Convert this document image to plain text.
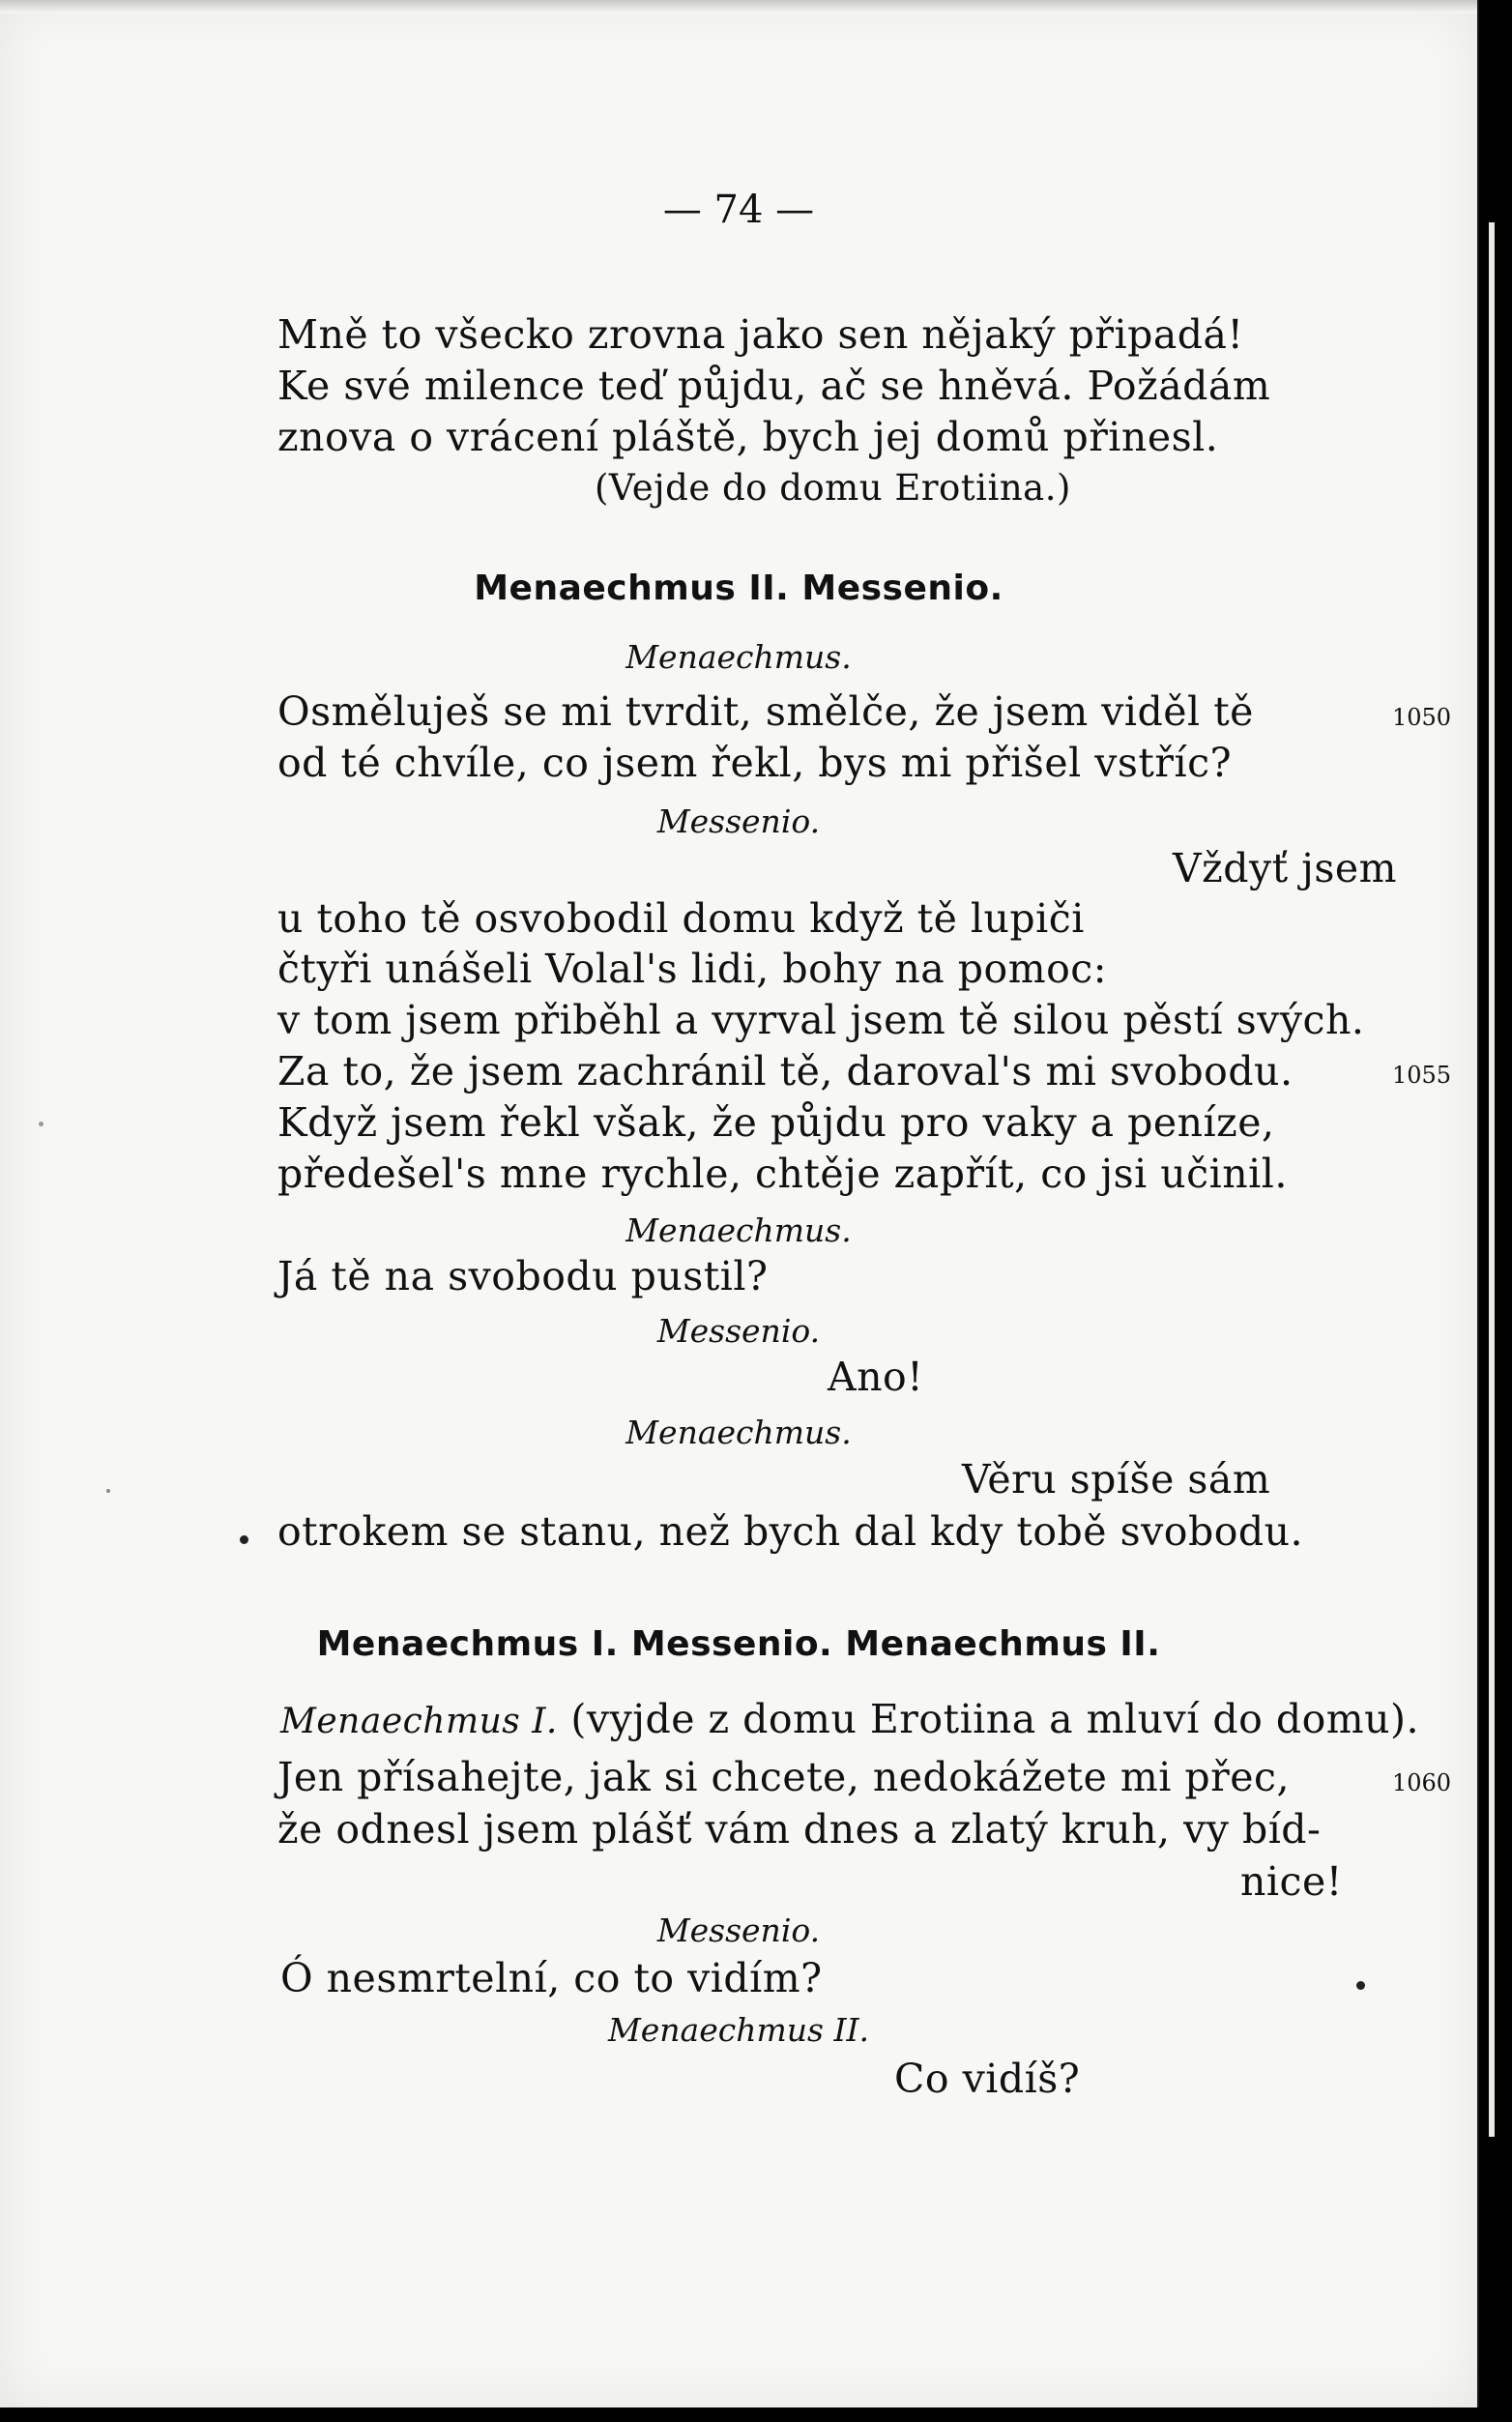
— 74 —
Mně to všecko zrovna jako sen nějaký připadá!
Ke své milence teď půjdu, ač se hněvá. Požádám
znova o vrácení pláště, bych jej domů přinesl.
(Vejde do domu Erotiina.)
Menaechmus II. Messenio.
Menaechmus.
Osměluješ se mi tvrdit, smělče, že jsem viděl tě	1050
od té chvíle, co jsem řekl, bys mi přišel vstříc?
Messenio.
Vždyť jsem
u toho tě osvobodil domu když tě lupiči
čtyři unášeli Volal's lidi, bohy na pomoc:
v tom jsem přiběhl a vyrval jsem tě silou pěstí svých.
Za to, že jsem zachránil tě, daroval's mi svobodu.	1055
Když jsem řekl však, že půjdu pro vaky a peníze,
předešel's mne rychle, chtěje zapřít, co jsi učinil.
Menaechmus.
Já tě na svobodu pustil?
Messenio.
Ano!
Menaechmus.
Věru spíše sám
otrokem se stanu, než bych dal kdy tobě svobodu.
Menaechmus I. Messenio. Menaechmus II.
Menaechmus I. (vyjde z domu Erotiina a mluví do domu).
Jen přísahejte, jak si chcete, nedokážete mi přec,	1060
že odnesl jsem plášť vám dnes a zlatý kruh, vy bíd-
nice!
Messenio.
Ó nesmrtelní, co to vidím?
Menaechmus II.
Co vidíš?
